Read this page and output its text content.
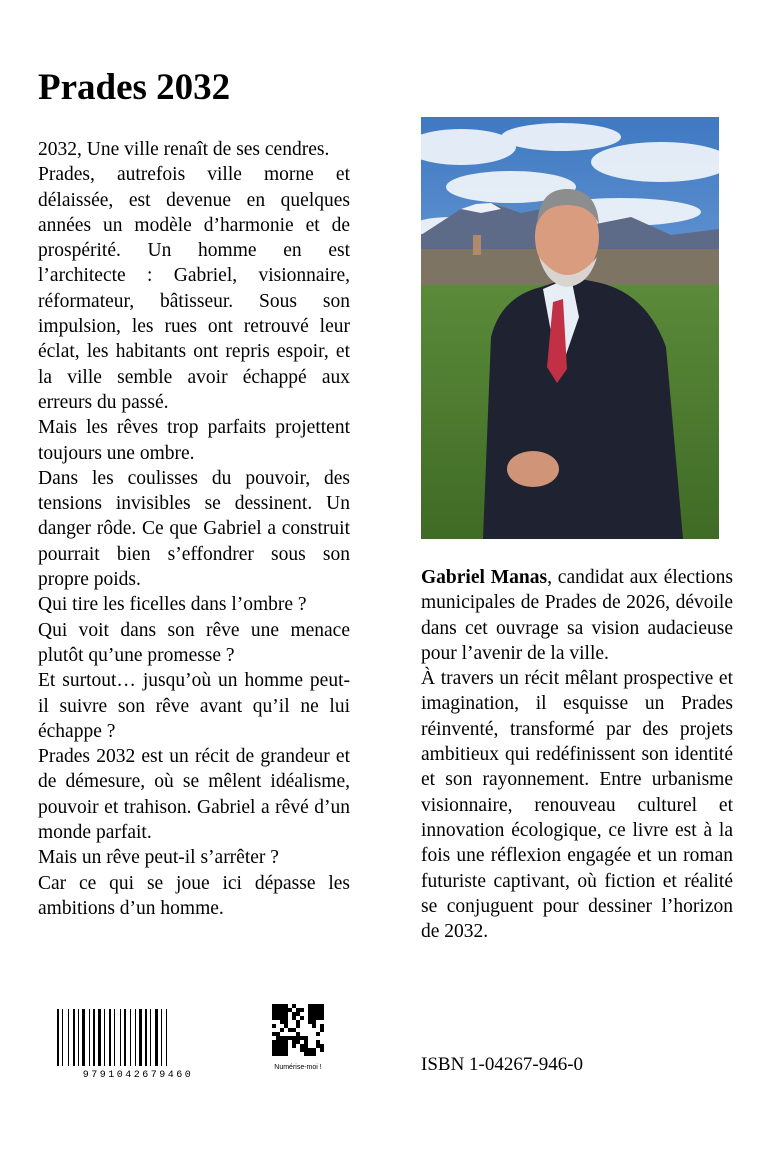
Prades 2032

2032, Une ville renaît de ses cendres.

Prades, autrefois ville morne et délaissée, est devenue en quelques années un modèle d’harmonie et de prospérité. Un homme en est l’architecte : Gabriel, visionnaire, réformateur, bâtisseur. Sous son impulsion, les rues ont retrouvé leur éclat, les habitants ont repris espoir, et la ville semble avoir échappé aux erreurs du passé.

Mais les rêves trop parfaits projettent toujours une ombre.

Dans les coulisses du pouvoir, des tensions invisibles se dessinent. Un danger rôde. Ce que Gabriel a construit pourrait bien s’effondrer sous son propre poids.

Qui tire les ficelles dans l’ombre ?

Qui voit dans son rêve une menace plutôt qu’une promesse ?

Et surtout… jusqu’où un homme peut-il suivre son rêve avant qu’il ne lui échappe ?

Prades 2032 est un récit de grandeur et de démesure, où se mêlent idéalisme, pouvoir et trahison. Gabriel a rêvé d’un monde parfait.

Mais un rêve peut-il s’arrêter ?

Car ce qui se joue ici dépasse les ambitions d’un homme.

Gabriel Manas, candidat aux élections municipales de Prades de 2026, dévoile dans cet ouvrage sa vision audacieuse pour l’avenir de la ville.

À travers un récit mêlant prospective et imagination, il esquisse un Prades réinventé, transformé par des projets ambitieux qui redéfinissent son identité et son rayonnement. Entre urbanisme visionnaire, renouveau culturel et innovation écologique, ce livre est à la fois une réflexion engagée et un roman futuriste captivant, où fiction et réalité se conjuguent pour dessiner l’horizon de 2032.

9791042679460
Numérise-moi !	ISBN 1-04267-946-0
